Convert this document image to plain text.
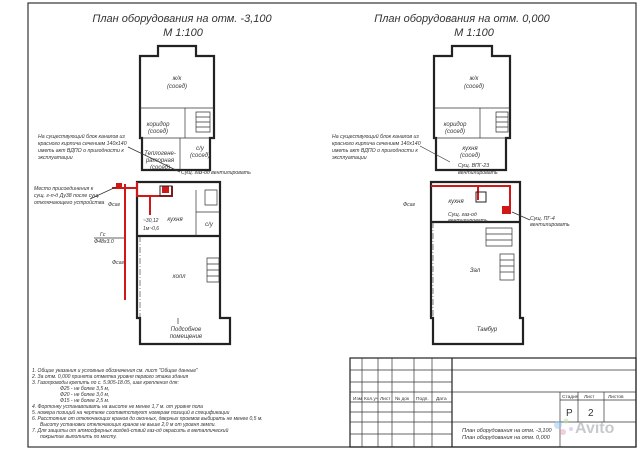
План оборудования на отм. -3,100
М 1:100
ж/к
(сосед)
коридор
(сосед)
с/у
(сосед)
Теплогене-
раторная
(сосед)
кухня
с/у
холл
Подсобное
помещение
~30,12
1м~0,6
На существующий блок каналов из
красного кирпича сечением 140х140
иметь акт ВДПО о пригодности к
эксплуатации
Сущ. газ-од вентилировать
Место присоединения к
сущ. г-п-д Ду38 после сущ.
отключающего устройства Фсаг
Гс
Ф48х3.0
Фсаг
План оборудования на отм. 0,000
М 1:100
ж/к
(сосед)
коридор
(сосед)
кухня
(сосед)
кухня
Зал
Тамбур
На существующий блок каналов из
красного кирпича сечением 140х140
иметь акт ВДПО о пригодности к
эксплуатации
Сущ. ВПГ-23
вентилировать
Сущ. газ-од
вентилировать	Сущ. ПГ-4
вентилировать
Фсаг
1. Общие указания и условные обозначения см. лист "Общие данные"
2. За отм. 0,000 принята отметка уровня первого этажа здания
3. Газопроводы крепить по с. 5.905-18.05, шаг крепления для:
Ф25 - не более 3,5 м,
Ф20 - не более 3,0 м,
Ф15 - не более 2,5 м.
4. Фортонку устанавливать на высоте не менее 1,7 м. от уровня пола
5. номера позиций на чертеже соответствуют номерам позиций в спецификации
6. Расстояние от отключающих кранов до оконных, дверных проемов выбирать не менее 0,5 м.
Высоту установки отключающих кранов не выше 2,0 м от уровня земли.
7. Для защиты от атмосферных воздей-ствий газ-од окрасить в металлический
покрытие выполнить по месту.
Изм Кол.уч Лист № док Подп. Дата	Стадия Лист	Листов
Р 2
План оборудования на отм. -3,100
План оборудования на отм. 0,000
Avito
